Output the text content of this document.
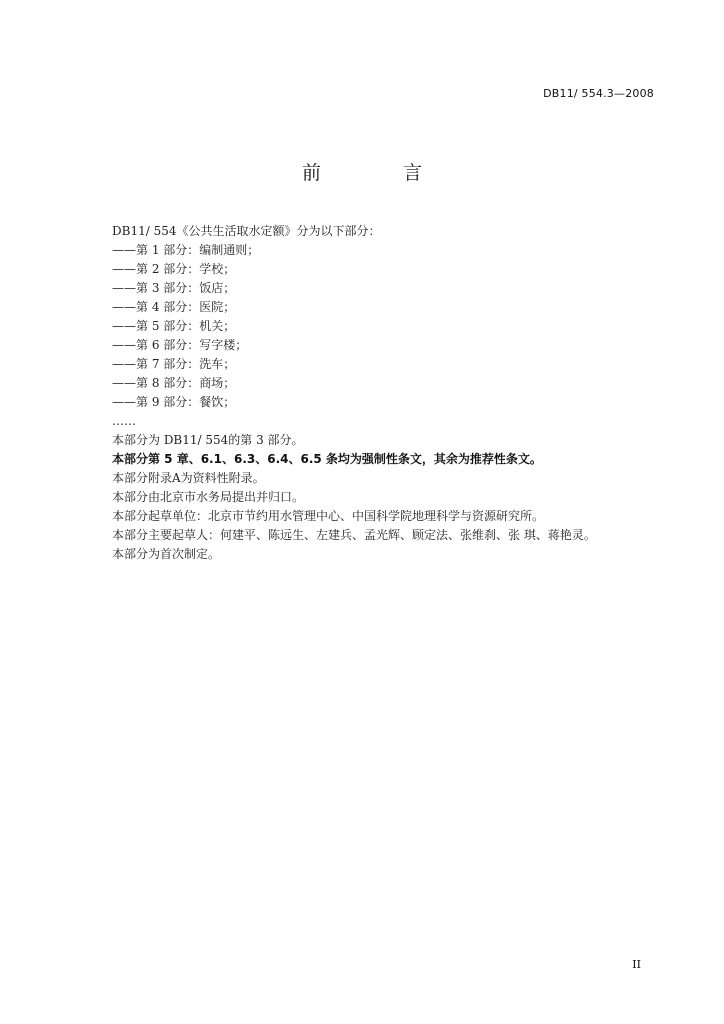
DB11/ 554.3—2008
前 言
DB11/ 554《公共生活取水定额》分为以下部分：
——第 1 部分：编制通则；
——第 2 部分：学校；
——第 3 部分：饭店；
——第 4 部分：医院；
——第 5 部分：机关；
——第 6 部分：写字楼；
——第 7 部分：洗车；
——第 8 部分：商场；
——第 9 部分：餐饮；
……
本部分为 DB11/ 554的第 3 部分。
本部分第 5 章、6.1、6.3、6.4、6.5 条均为强制性条文，其余为推荐性条文。
本部分附录A为资料性附录。
本部分由北京市水务局提出并归口。
本部分起草单位：北京市节约用水管理中心、中国科学院地理科学与资源研究所。
本部分主要起草人：何建平、陈远生、左建兵、孟光辉、顾定法、张维刹、张 琪、蒋艳灵。
本部分为首次制定。
II
